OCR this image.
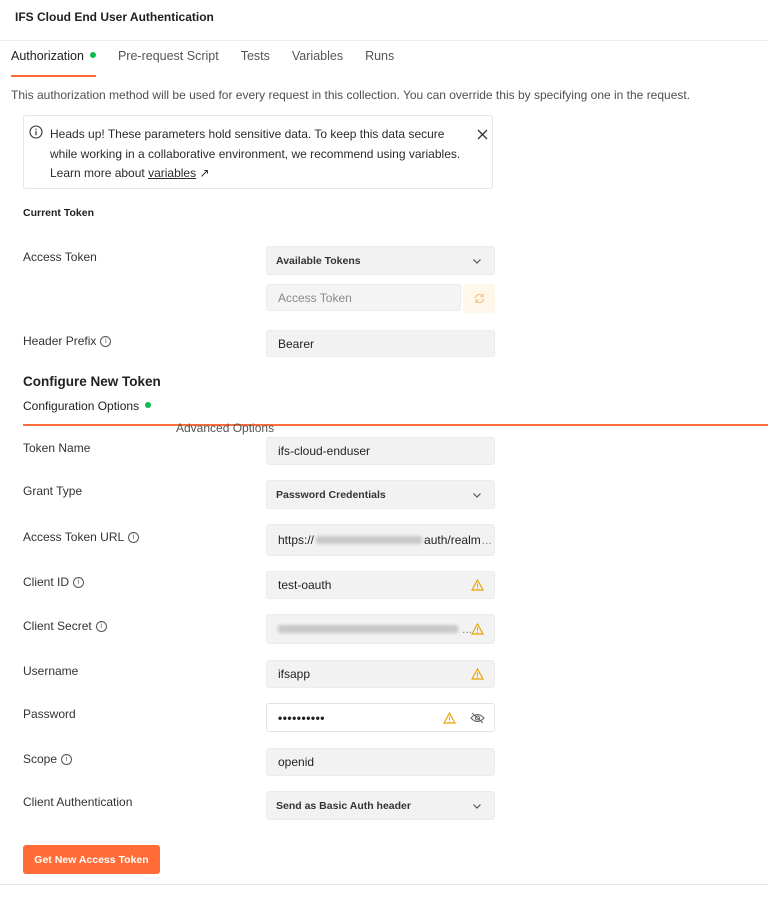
IFS Cloud End User Authentication
Authorization	Pre-request Script Tests Variables Runs
This authorization method will be used for every request in this collection. You can override this by specifying one in the request.
Heads up! These parameters hold sensitive data. To keep this data secure
while working in a collaborative environment, we recommend using variables.
Learn more about variables ↗
Current Token
Access Token	Available Tokens
Access Token
Header Prefix	i	Bearer
Configure New Token
Configuration Options
Advanced Options
Token Name	ifs-cloud-enduser
Grant Type	Password Credentials
Access Token URL	i	https://	auth/realm ...
Client ID	i	test-oauth
Client Secret	i	...
Username	ifsapp
Password	••••••••••
Scope	i	openid
Client Authentication	Send as Basic Auth header
Get New Access Token
